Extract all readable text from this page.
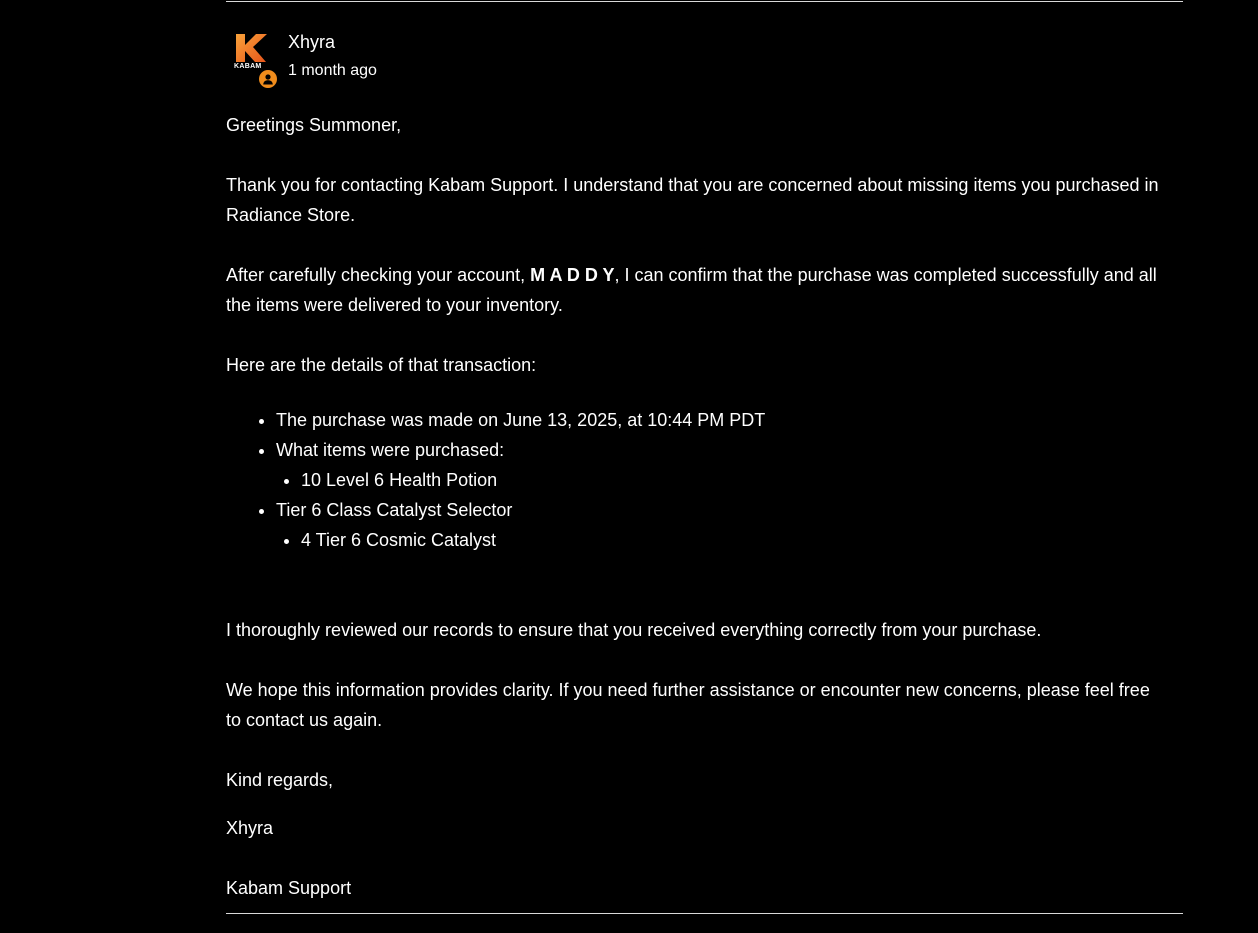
KABAM
Xhyra
1 month ago

Greetings Summoner,

Thank you for contacting Kabam Support. I understand that you are concerned about missing items you purchased in Radiance Store.

After carefully checking your account, M A D D Y, I can confirm that the purchase was completed successfully and all the items were delivered to your inventory.

Here are the details of that transaction:

• The purchase was made on June 13, 2025, at 10:44 PM PDT
• What items were purchased:
• 10 Level 6 Health Potion
• Tier 6 Class Catalyst Selector
• 4 Tier 6 Cosmic Catalyst

I thoroughly reviewed our records to ensure that you received everything correctly from your purchase.

We hope this information provides clarity. If you need further assistance or encounter new concerns, please feel free to contact us again.

Kind regards,

Xhyra

Kabam Support
